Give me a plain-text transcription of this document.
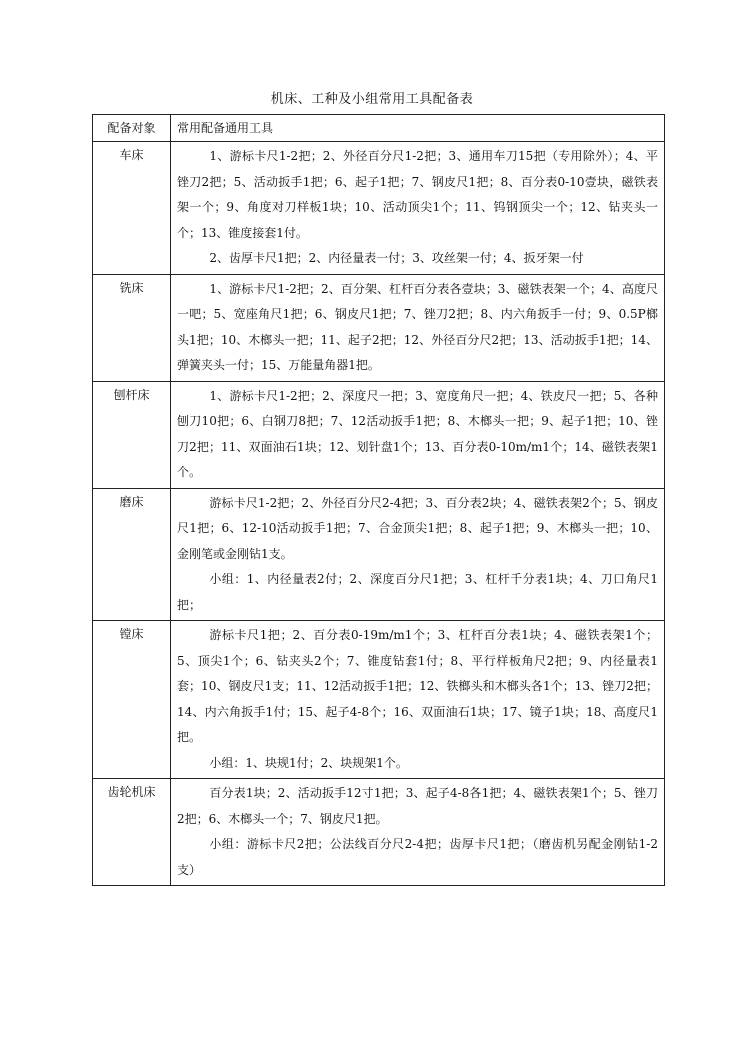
机床、工种及小组常用工具配备表
配备对象	常用配备通用工具
车床	1、游标卡尺1-2把；2、外径百分尺1-2把；3、通用车刀15把（专用除外）；4、平锉刀2把；5、活动扳手1把；6、起子1把；7、钢皮尺1把；8、百分表0-10壹块，磁铁表架一个；9、角度对刀样板1块；10、活动顶尖1个；11、钨钢顶尖一个；12、钻夹头一个；13、锥度接套1付。

2、齿厚卡尺1把；2、内径量表一付；3、攻丝架一付；4、扳牙架一付

铣床	1、游标卡尺1-2把；2、百分架、杠杆百分表各壹块；3、磁铁表架一个；4、高度尺一吧；5、宽座角尺1把；6、钢皮尺1把；7、锉刀2把；8、内六角扳手一付；9、0.5P榔头1把；10、木榔头一把；11、起子2把；12、外径百分尺2把；13、活动扳手1把；14、弹簧夹头一付；15、万能量角器1把。

刨杆床	1、游标卡尺1-2把；2、深度尺一把；3、宽度角尺一把；4、铁皮尺一把；5、各种刨刀10把；6、白钢刀8把；7、12活动扳手1把；8、木榔头一把；9、起子1把；10、锉刀2把；11、双面油石1块；12、划针盘1个；13、百分表0-10m/m1个；14、磁铁表架1个。

磨床	游标卡尺1-2把；2、外径百分尺2-4把；3、百分表2块；4、磁铁表架2个；5、钢皮尺1把；6、12-10活动扳手1把；7、合金顶尖1把；8、起子1把；9、木榔头一把；10、金刚笔或金刚钻1支。

小组：1、内径量表2付；2、深度百分尺1把；3、杠杆千分表1块；4、刀口角尺1把；

镗床	游标卡尺1把；2、百分表0-19m/m1个；3、杠杆百分表1块；4、磁铁表架1个；5、顶尖1个；6、钻夹头2个；7、锥度钻套1付；8、平行样板角尺2把；9、内径量表1套；10、钢皮尺1支；11、12活动扳手1把；12、铁榔头和木榔头各1个；13、锉刀2把；14、内六角扳手1付；15、起子4-8个；16、双面油石1块；17、镜子1块；18、高度尺1把。

小组：1、块规1付；2、块规架1个。

齿轮机床	百分表1块；2、活动扳手12寸1把；3、起子4-8各1把；4、磁铁表架1个；5、锉刀2把；6、木榔头一个；7、钢皮尺1把。

小组：游标卡尺2把；公法线百分尺2-4把；齿厚卡尺1把；（磨齿机另配金刚钻1-2支）
